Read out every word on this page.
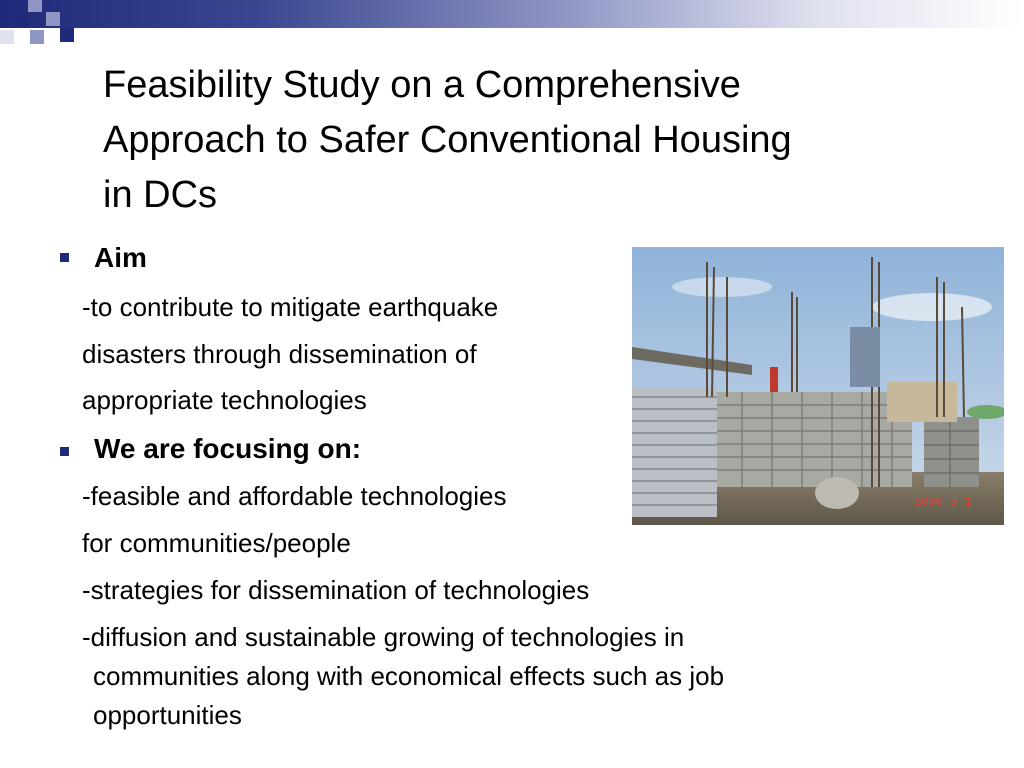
Feasibility Study on a Comprehensive
Approach to Safer Conventional Housing
in DCs
Aim
-to contribute to mitigate earthquake
disasters through dissemination of
appropriate technologies
We are focusing on:
-feasible and affordable technologies
for communities/people
-strategies for dissemination of technologies
-diffusion and sustainable growing of technologies in
communities along with economical effects such as job
opportunities
2006 5 1
